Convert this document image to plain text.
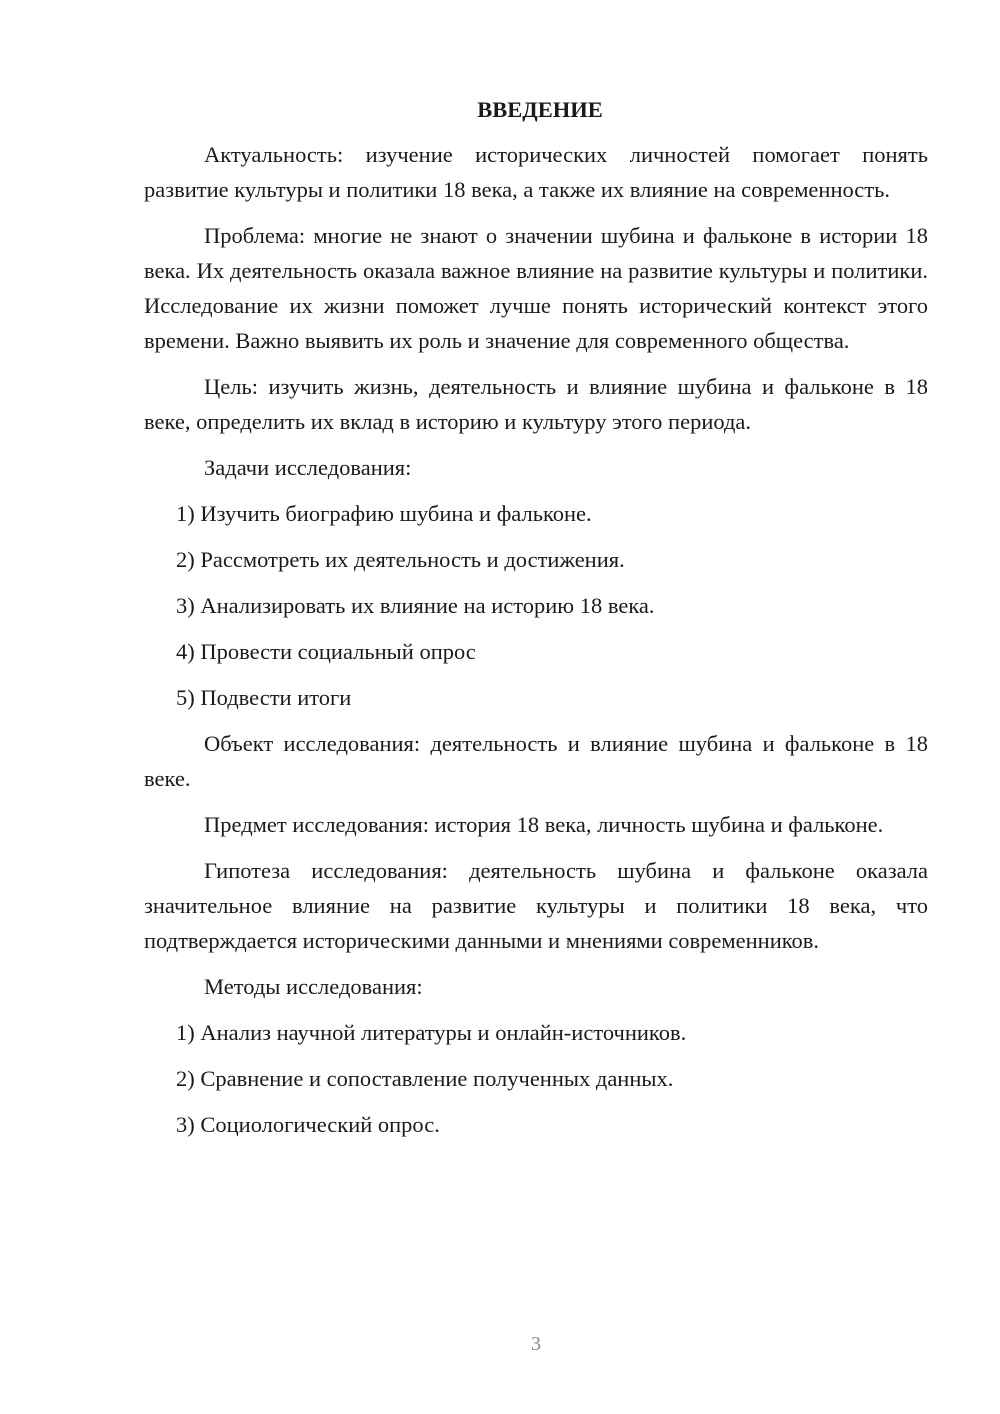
ВВЕДЕНИЕ

Актуальность: изучение исторических личностей помогает понять развитие культуры и политики 18 века, а также их влияние на современность.

Проблема: многие не знают о значении шубина и фальконе в истории 18 века. Их деятельность оказала важное влияние на развитие культуры и политики. Исследование их жизни поможет лучше понять исторический контекст этого времени. Важно выявить их роль и значение для современного общества.

Цель: изучить жизнь, деятельность и влияние шубина и фальконе в 18 веке, определить их вклад в историю и культуру этого периода.

Задачи исследования:

1) Изучить биографию шубина и фальконе.
2) Рассмотреть их деятельность и достижения.
3) Анализировать их влияние на историю 18 века.
4) Провести социальный опрос
5) Подвести итоги

Объект исследования: деятельность и влияние шубина и фальконе в 18 веке.

Предмет исследования: история 18 века, личность шубина и фальконе.

Гипотеза исследования: деятельность шубина и фальконе оказала значительное влияние на развитие культуры и политики 18 века, что подтверждается историческими данными и мнениями современников.

Методы исследования:

1) Анализ научной литературы и онлайн-источников.
2) Сравнение и сопоставление полученных данных.
3) Социологический опрос.
3
